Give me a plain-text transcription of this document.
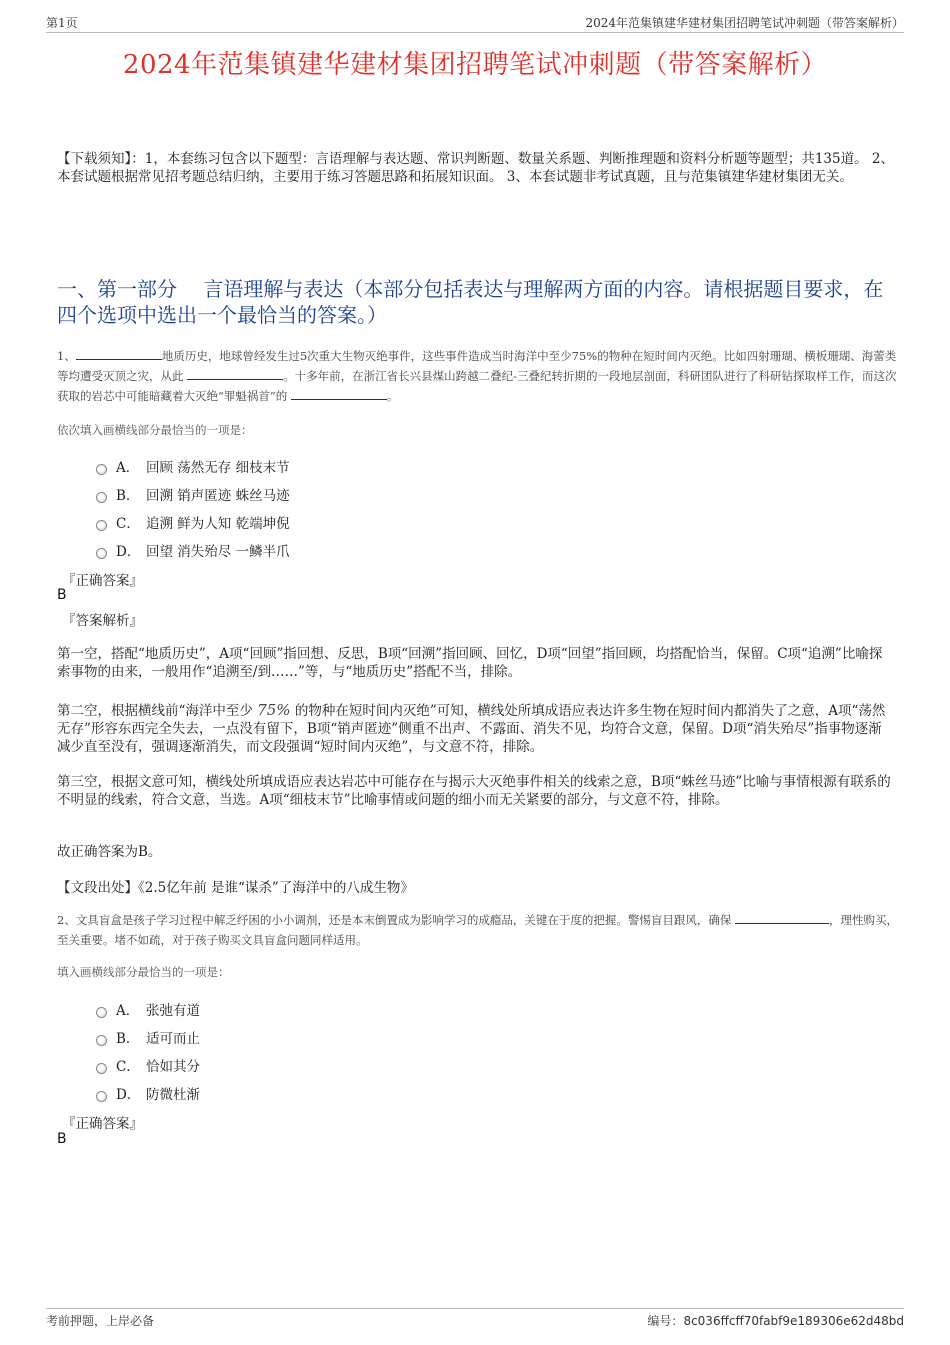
第1页	2024年范集镇建华建材集团招聘笔试冲刺题（带答案解析）
2024年范集镇建华建材集团招聘笔试冲刺题（带答案解析）
【下载须知】：1，本套练习包含以下题型：言语理解与表达题、常识判断题、数量关系题、判断推理题和资料分析题等题型；共135道。 2、本套试题根据常见招考题总结归纳，主要用于练习答题思路和拓展知识面。 3、本套试题非考试真题，且与范集镇建华建材集团无关。
一、第一部分　 言语理解与表达（本部分包括表达与理解两方面的内容。请根据题目要求，在四个选项中选出一个最恰当的答案。）
1、	地质历史，地球曾经发生过5次重大生物灭绝事件，这些事件造成当时海洋中至少75%的物种在短时间内灭绝。比如四射珊瑚、横板珊瑚、海蕾类等均遭受灭顶之灾，从此	。十多年前，在浙江省长兴县煤山跨越二叠纪-三叠纪转折期的一段地层剖面，科研团队进行了科研钻探取样工作，而这次获取的岩芯中可能暗藏着大灭绝“罪魁祸首”的	。
依次填入画横线部分最恰当的一项是：
A． 回顾 荡然无存 细枝末节
B． 回溯 销声匿迹 蛛丝马迹
C． 追溯 鲜为人知 乾端坤倪
D． 回望 消失殆尽 一鳞半爪
『正确答案』
B
『答案解析』
第一空，搭配“地质历史”，A项“回顾”指回想、反思，B项“回溯”指回顾、回忆，D项“回望”指回顾，均搭配恰当，保留。C项“追溯”比喻探索事物的由来，一般用作“追溯至/到……”等，与“地质历史”搭配不当，排除。
第二空，根据横线前“海洋中至少 75% 的物种在短时间内灭绝”可知，横线处所填成语应表达许多生物在短时间内都消失了之意，A项“荡然无存”形容东西完全失去，一点没有留下，B项“销声匿迹”侧重不出声、不露面、消失不见，均符合文意，保留。D项“消失殆尽”指事物逐渐减少直至没有，强调逐渐消失，而文段强调“短时间内灭绝”，与文意不符，排除。
第三空，根据文意可知，横线处所填成语应表达岩芯中可能存在与揭示大灭绝事件相关的线索之意，B项“蛛丝马迹”比喻与事情根源有联系的不明显的线索，符合文意，当选。A项“细枝末节”比喻事情或问题的细小而无关紧要的部分，与文意不符，排除。
故正确答案为B。
【文段出处】《2.5亿年前 是谁“谋杀”了海洋中的八成生物》
2、文具盲盒是孩子学习过程中解乏纾困的小小调剂，还是本末倒置成为影响学习的成瘾品，关键在于度的把握。警惕盲目跟风，确保	，理性购买，至关重要。堵不如疏，对于孩子购买文具盲盒问题同样适用。
填入画横线部分最恰当的一项是：
A． 张弛有道
B． 适可而止
C． 恰如其分
D． 防微杜渐
『正确答案』
B
考前押题，上岸必备	编号：8c036ffcff70fabf9e189306e62d48bd
